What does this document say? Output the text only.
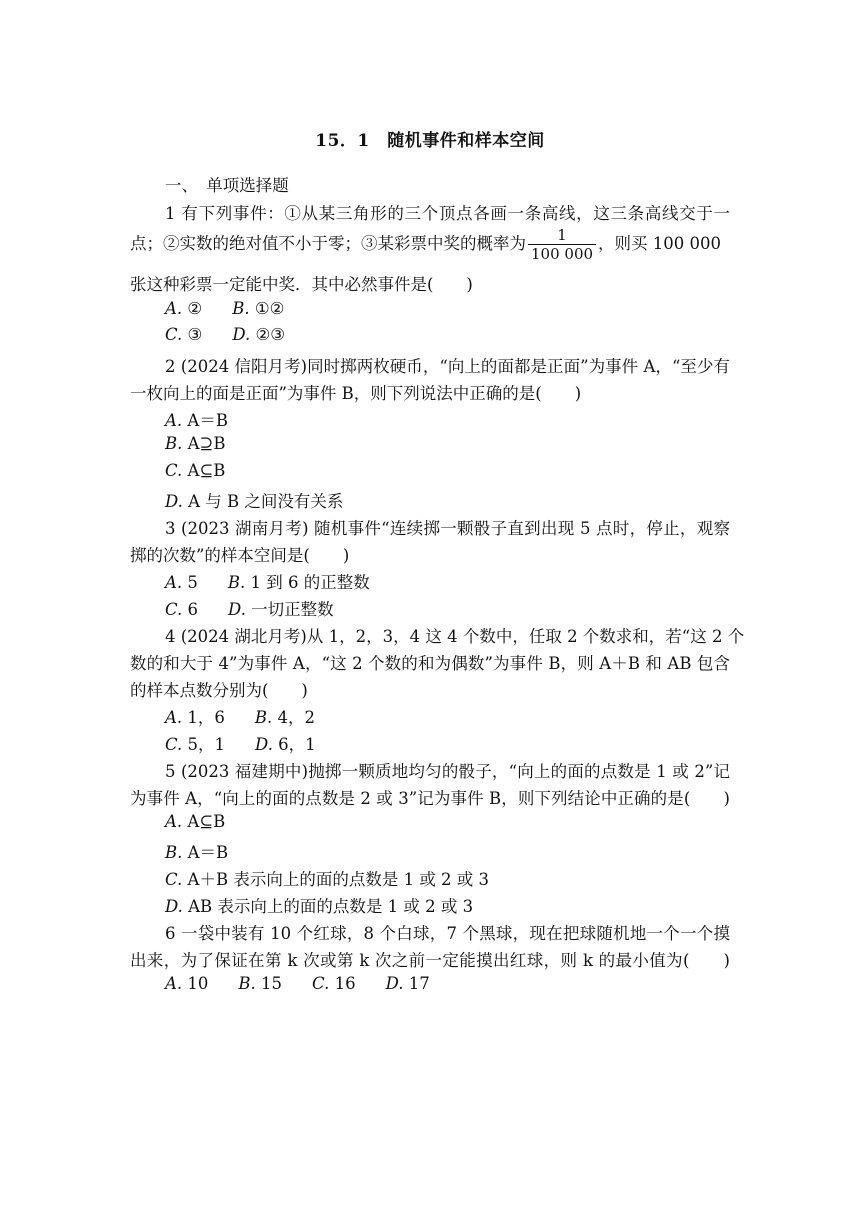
15．1　随机事件和样本空间
一、　单项选择题
1 有下列事件：①从某三角形的三个顶点各画一条高线，这三条高线交于一
点；②实数的绝对值不小于零；③某彩票中奖的概率为 $\frac{1}{100 000}$ ，则买 100 000
张这种彩票一定能中奖．其中必然事件是(　　)
A. ② B. ①②
C. ③ D. ②③
2 (2024 信阳月考)同时掷两枚硬币，“向上的面都是正面”为事件 A，“至少有
一枚向上的面是正面”为事件 B，则下列说法中正确的是(　　)
A. A＝B
B. A⊇B
C. A⊆B
D. A 与 B 之间没有关系
3 (2023 湖南月考) 随机事件“连续掷一颗骰子直到出现 5 点时，停止，观察
掷的次数”的样本空间是(　　)
A. 5 B. 1 到 6 的正整数
C. 6 D. 一切正整数
4 (2024 湖北月考)从 1，2，3，4 这 4 个数中，任取 2 个数求和，若“这 2 个
数的和大于 4”为事件 A，“这 2 个数的和为偶数”为事件 B，则 A＋B 和 AB 包含
的样本点数分别为(　　)
A. 1，6 B. 4，2
C. 5，1 D. 6，1
5 (2023 福建期中)抛掷一颗质地均匀的骰子，“向上的面的点数是 1 或 2”记
为事件 A，“向上的面的点数是 2 或 3”记为事件 B，则下列结论中正确的是(　　)
A. A⊆B
B. A＝B
C. A＋B 表示向上的面的点数是 1 或 2 或 3
D. AB 表示向上的面的点数是 1 或 2 或 3
6 一袋中装有 10 个红球，8 个白球，7 个黑球，现在把球随机地一个一个摸
出来，为了保证在第 k 次或第 k 次之前一定能摸出红球，则 k 的最小值为(　　)
A. 10 B. 15 C. 16 D. 17
